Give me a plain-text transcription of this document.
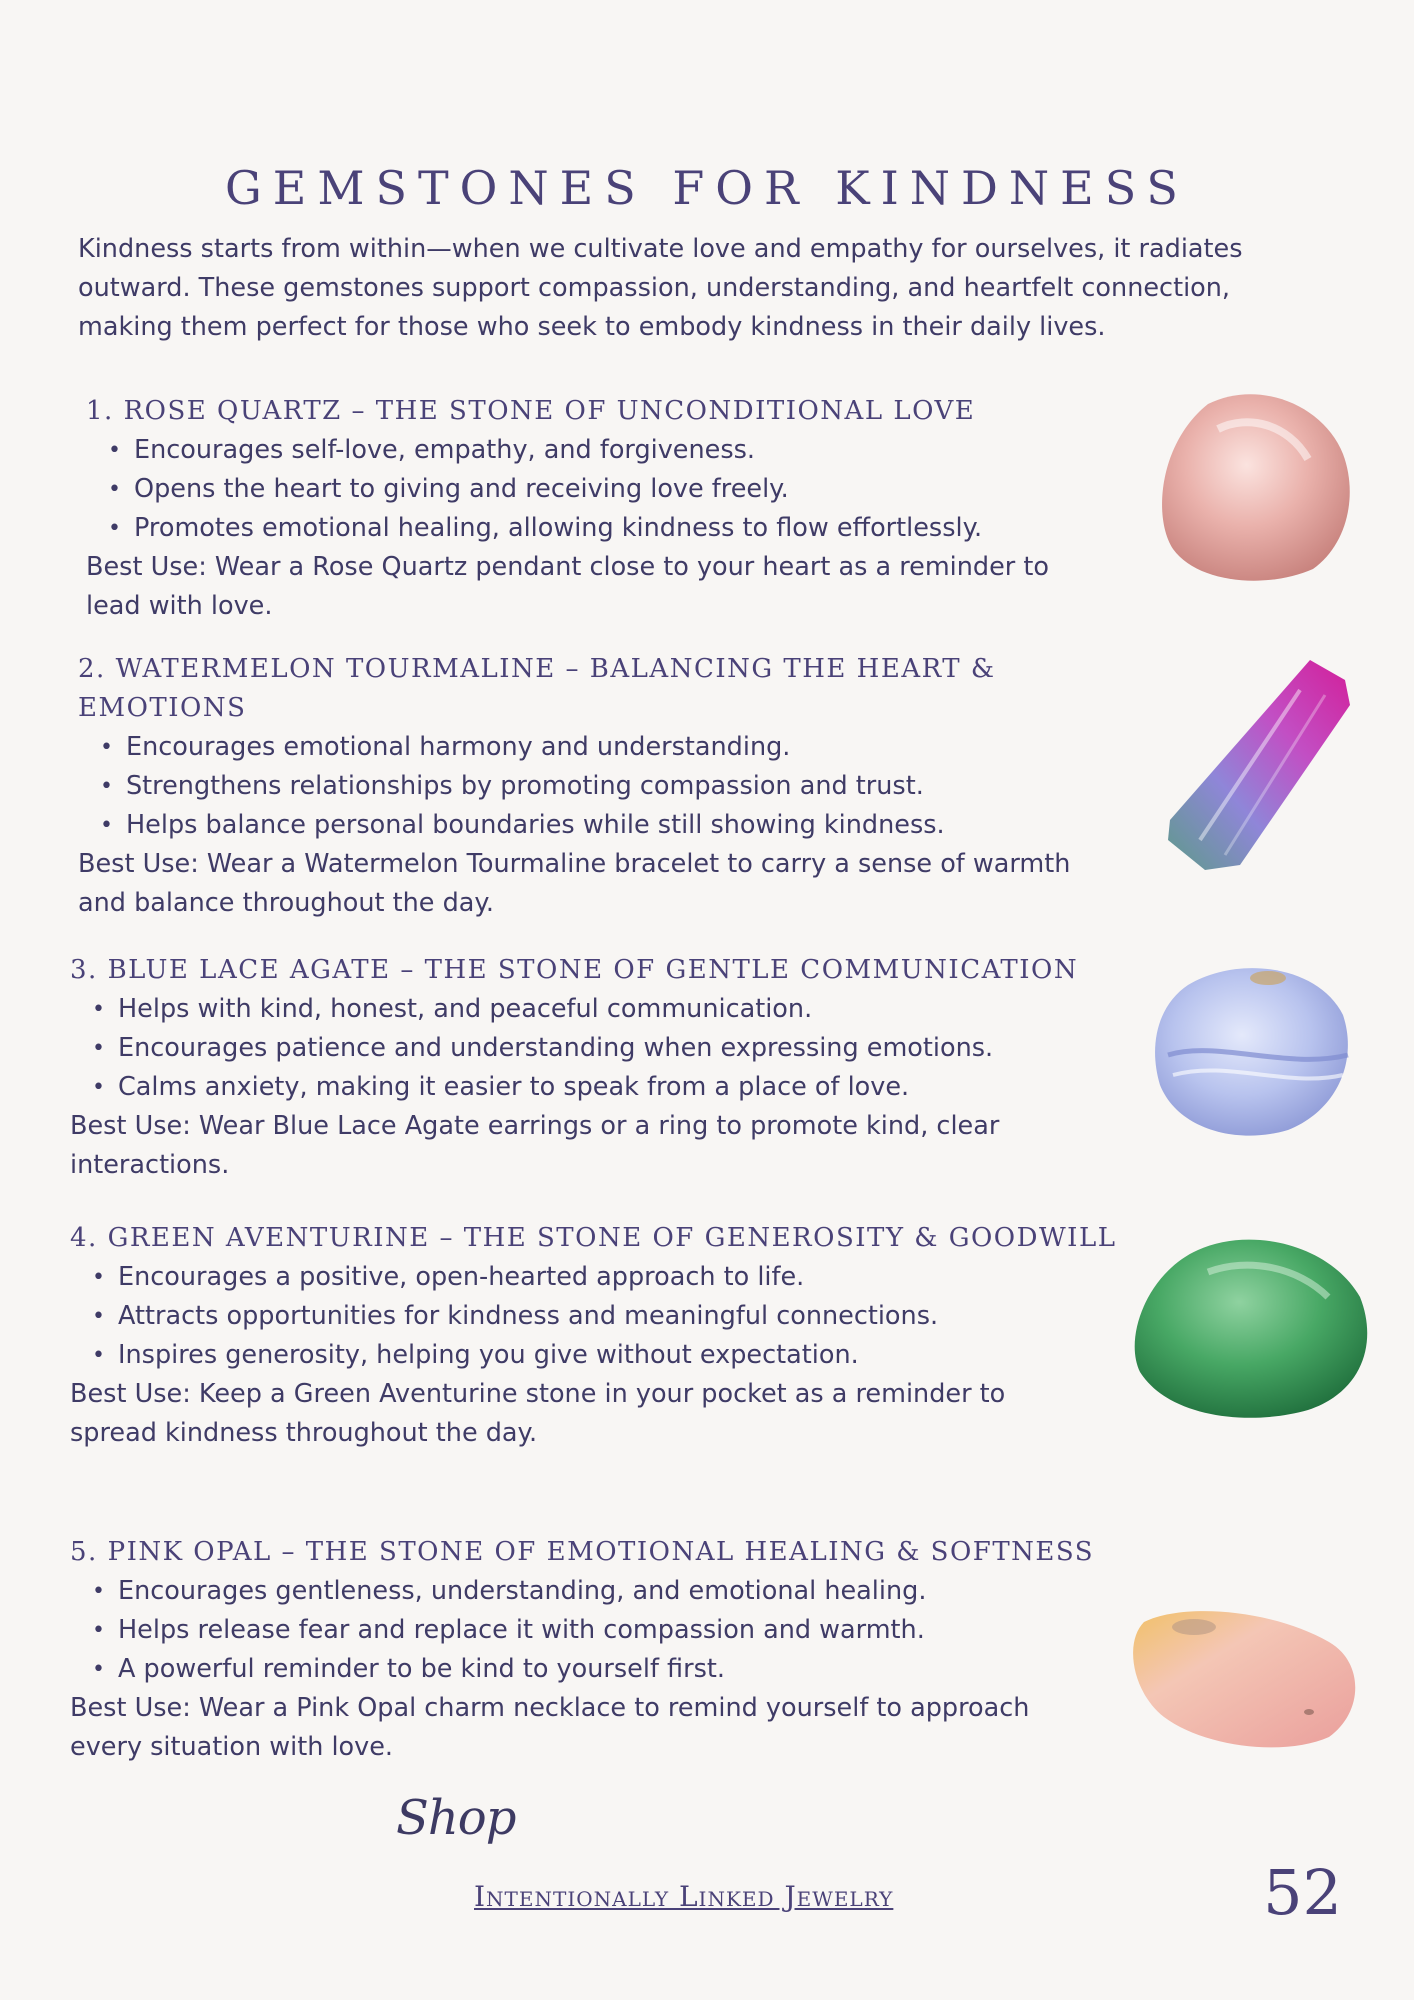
GEMSTONES FOR KINDNESS

Kindness starts from within—when we cultivate love and empathy for ourselves, it radiates outward. These gemstones support compassion, understanding, and heartfelt connection, making them perfect for those who seek to embody kindness in their daily lives.

1. ROSE QUARTZ – THE STONE OF UNCONDITIONAL LOVE
• Encourages self-love, empathy, and forgiveness.
• Opens the heart to giving and receiving love freely.
• Promotes emotional healing, allowing kindness to flow effortlessly.

Best Use: Wear a Rose Quartz pendant close to your heart as a reminder to lead with love.

2. WATERMELON TOURMALINE – BALANCING THE HEART & EMOTIONS
• Encourages emotional harmony and understanding.
• Strengthens relationships by promoting compassion and trust.
• Helps balance personal boundaries while still showing kindness.

Best Use: Wear a Watermelon Tourmaline bracelet to carry a sense of warmth and balance throughout the day.

3. BLUE LACE AGATE – THE STONE OF GENTLE COMMUNICATION
• Helps with kind, honest, and peaceful communication.
• Encourages patience and understanding when expressing emotions.
• Calms anxiety, making it easier to speak from a place of love.

Best Use: Wear Blue Lace Agate earrings or a ring to promote kind, clear interactions.

4. GREEN AVENTURINE – THE STONE OF GENEROSITY & GOODWILL
• Encourages a positive, open-hearted approach to life.
• Attracts opportunities for kindness and meaningful connections.
• Inspires generosity, helping you give without expectation.

Best Use: Keep a Green Aventurine stone in your pocket as a reminder to spread kindness throughout the day.

5. PINK OPAL – THE STONE OF EMOTIONAL HEALING & SOFTNESS
• Encourages gentleness, understanding, and emotional healing.
• Helps release fear and replace it with compassion and warmth.
• A powerful reminder to be kind to yourself first.

Best Use: Wear a Pink Opal charm necklace to remind yourself to approach every situation with love.

Shop
Intentionally Linked Jewelry	52
